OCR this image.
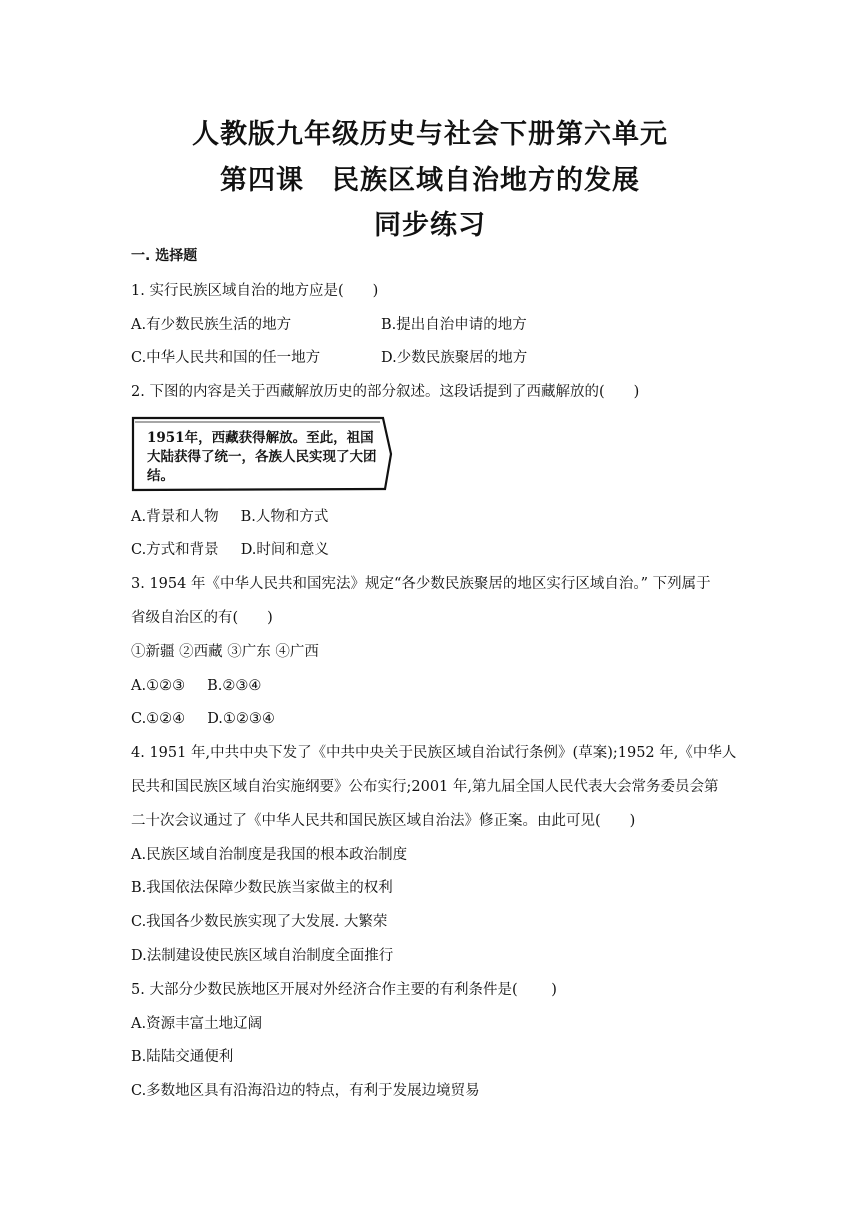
人教版九年级历史与社会下册第六单元
第四课　民族区域自治地方的发展
同步练习
一. 选择题
1. 实行民族区域自治的地方应是(　　)
A.有少数民族生活的地方	B.提出自治申请的地方
C.中华人民共和国的任一地方	D.少数民族聚居的地方
2. 下图的内容是关于西藏解放历史的部分叙述。这段话提到了西藏解放的(　　)
1951年，西藏获得解放。至此，祖国大陆获得了统一，各族人民实现了大团结。
A.背景和人物 B.人物和方式
C.方式和背景 D.时间和意义
3. 1954 年《中华人民共和国宪法》规定“各少数民族聚居的地区实行区域自治。” 下列属于
省级自治区的有(　　)
①新疆 ②西藏 ③广东 ④广西
A.①②③ B.②③④
C.①②④ D.①②③④
4. 1951 年,中共中央下发了《中共中央关于民族区域自治试行条例》(草案);1952 年,《中华人
民共和国民族区域自治实施纲要》公布实行;2001 年,第九届全国人民代表大会常务委员会第
二十次会议通过了《中华人民共和国民族区域自治法》修正案。由此可见(　　)
A.民族区域自治制度是我国的根本政治制度
B.我国依法保障少数民族当家做主的权利
C.我国各少数民族实现了大发展. 大繁荣
D.法制建设使民族区域自治制度全面推行
5. 大部分少数民族地区开展对外经济合作主要的有利条件是(　　 )
A.资源丰富土地辽阔
B.陆陆交通便利
C.多数地区具有沿海沿边的特点，有利于发展边境贸易
